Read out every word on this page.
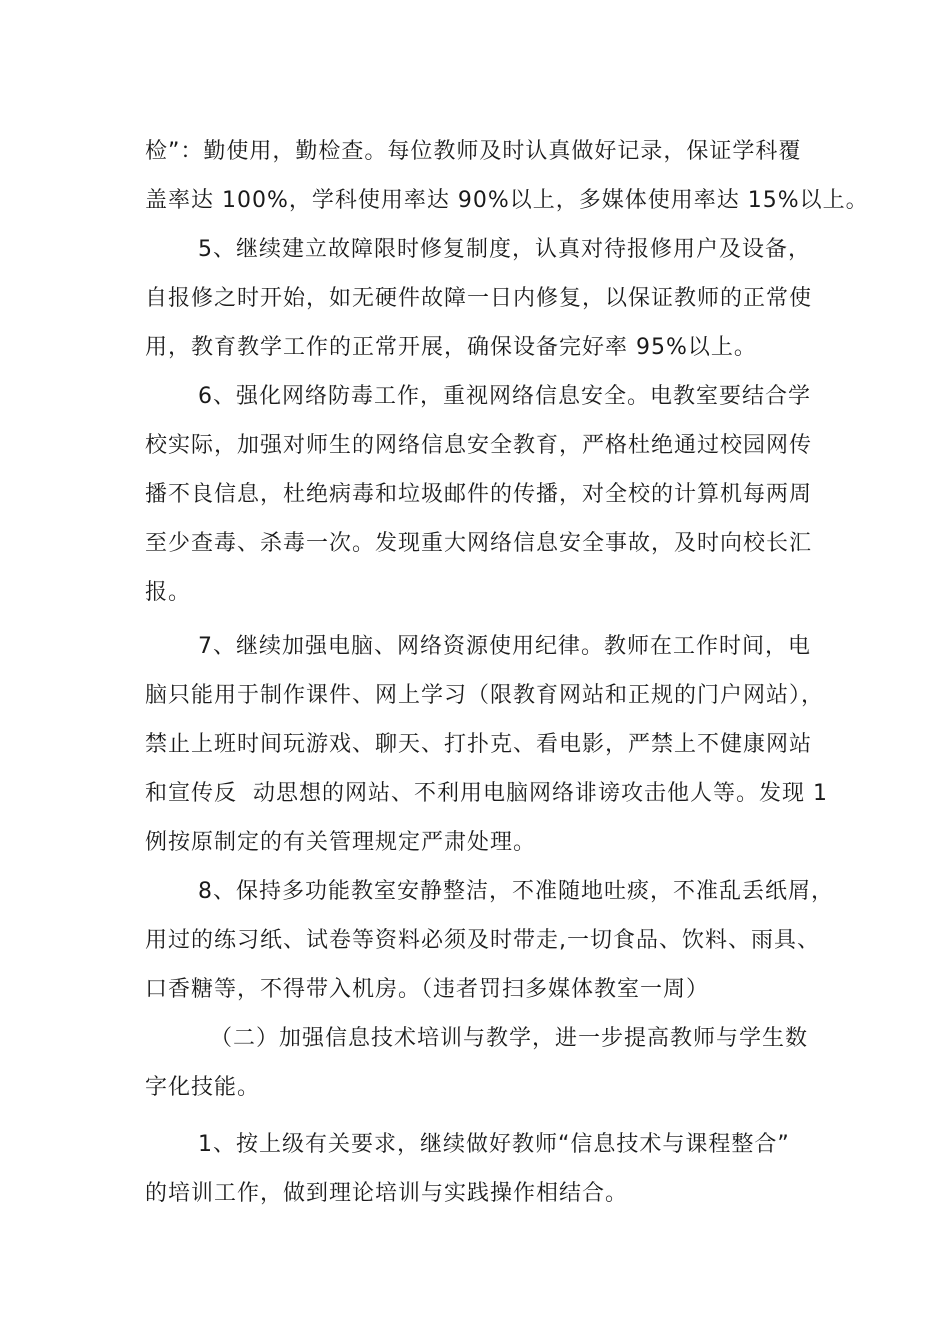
检”：勤使用，勤检查。每位教师及时认真做好记录，保证学科覆
盖率达 100%，学科使用率达 90%以上，多媒体使用率达 15%以上。
5、继续建立故障限时修复制度，认真对待报修用户及设备，
自报修之时开始，如无硬件故障一日内修复，以保证教师的正常使
用，教育教学工作的正常开展，确保设备完好率 95%以上。
6、强化网络防毒工作，重视网络信息安全。电教室要结合学
校实际，加强对师生的网络信息安全教育，严格杜绝通过校园网传
播不良信息，杜绝病毒和垃圾邮件的传播，对全校的计算机每两周
至少查毒、杀毒一次。发现重大网络信息安全事故，及时向校长汇
报。
7、继续加强电脑、网络资源使用纪律。教师在工作时间，电
脑只能用于制作课件、网上学习（限教育网站和正规的门户网站），
禁止上班时间玩游戏、聊天、打扑克、看电影，严禁上不健康网站
和宣传反  动思想的网站、不利用电脑网络诽谤攻击他人等。发现 1
例按原制定的有关管理规定严肃处理。
8、保持多功能教室安静整洁，不准随地吐痰，不准乱丢纸屑，
用过的练习纸、试卷等资料必须及时带走,一切食品、饮料、雨具、
口香糖等，不得带入机房。（违者罚扫多媒体教室一周）
（二）加强信息技术培训与教学，进一步提高教师与学生数
字化技能。
1、按上级有关要求，继续做好教师“信息技术与课程整合”
的培训工作，做到理论培训与实践操作相结合。
